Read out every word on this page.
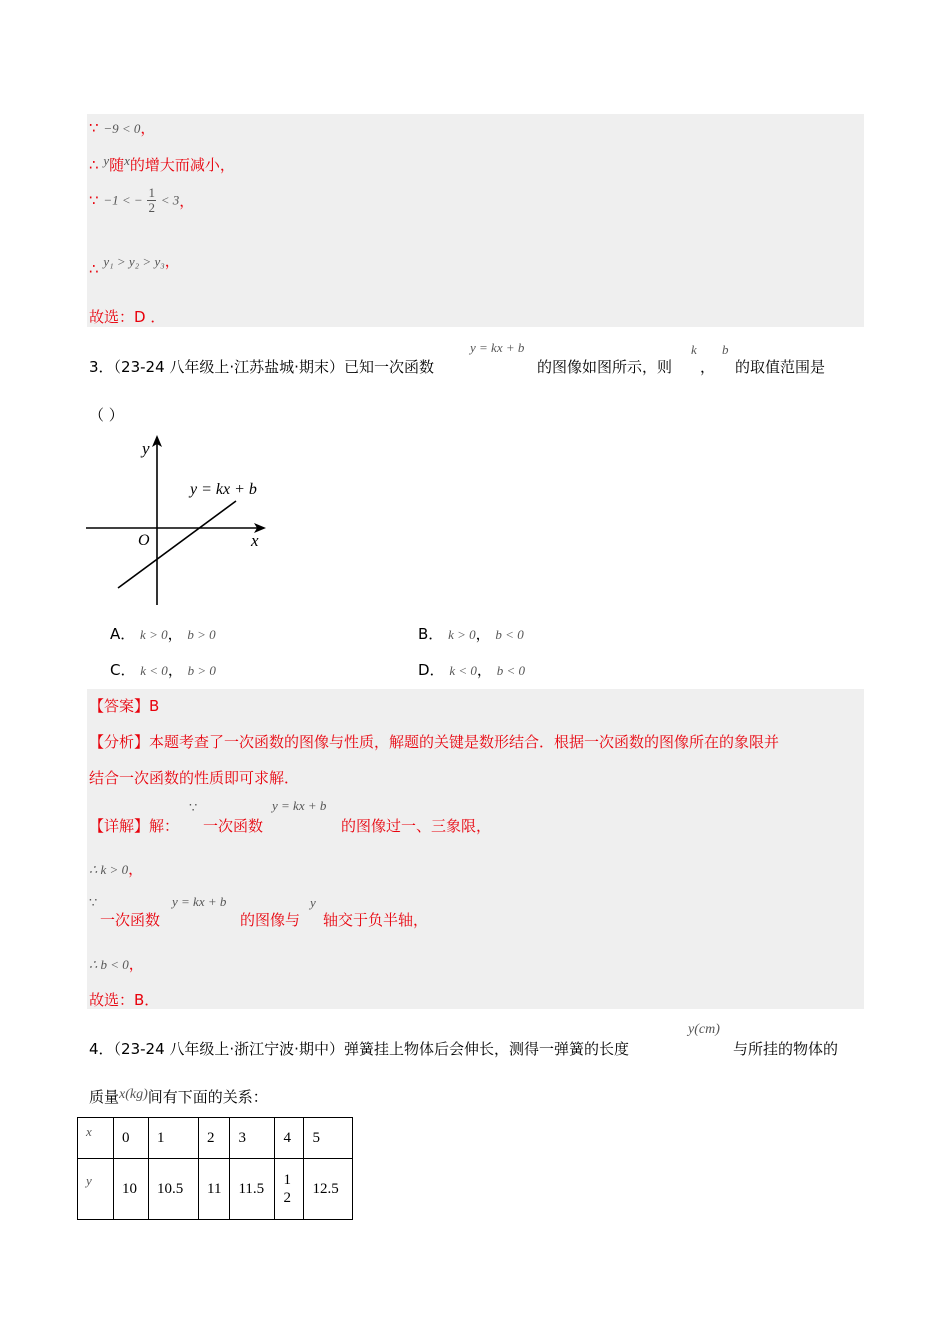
∵ −9 < 0，
∴ y随x的增大而减小，
∵ −1 < − $\frac{1}{2} < 3$，
∴ y₁ > y₂ > y₃，
故选：D ．
3．（23-24 八年级上·江苏盐城·期末）已知一次函数
y = kx + b
的图像如图所示，则
k
，
b
的取值范围是
（ ）
y
x
O
y = kx + b
A． k > 0， b > 0	B． k > 0， b < 0
C． k < 0， b > 0	D． k < 0， b < 0
【答案】B
【分析】本题考查了一次函数的图像与性质，解题的关键是数形结合．根据一次函数的图像所在的象限并
结合一次函数的性质即可求解．
【详解】解：
∵
一次函数
y = kx + b
的图像过一、三象限，
∴ k > 0，
∵
一次函数
y = kx + b
的图像与
y
轴交于负半轴，
∴ b < 0，
故选：B．
4．（23-24 八年级上·浙江宁波·期中）弹簧挂上物体后会伸长，测得一弹簧的长度
y(cm)
与所挂的物体的
质量x(kg)间有下面的关系：
x	0	1	2	3	4	5
y	10	10.5	11	11.5	12	12.5
